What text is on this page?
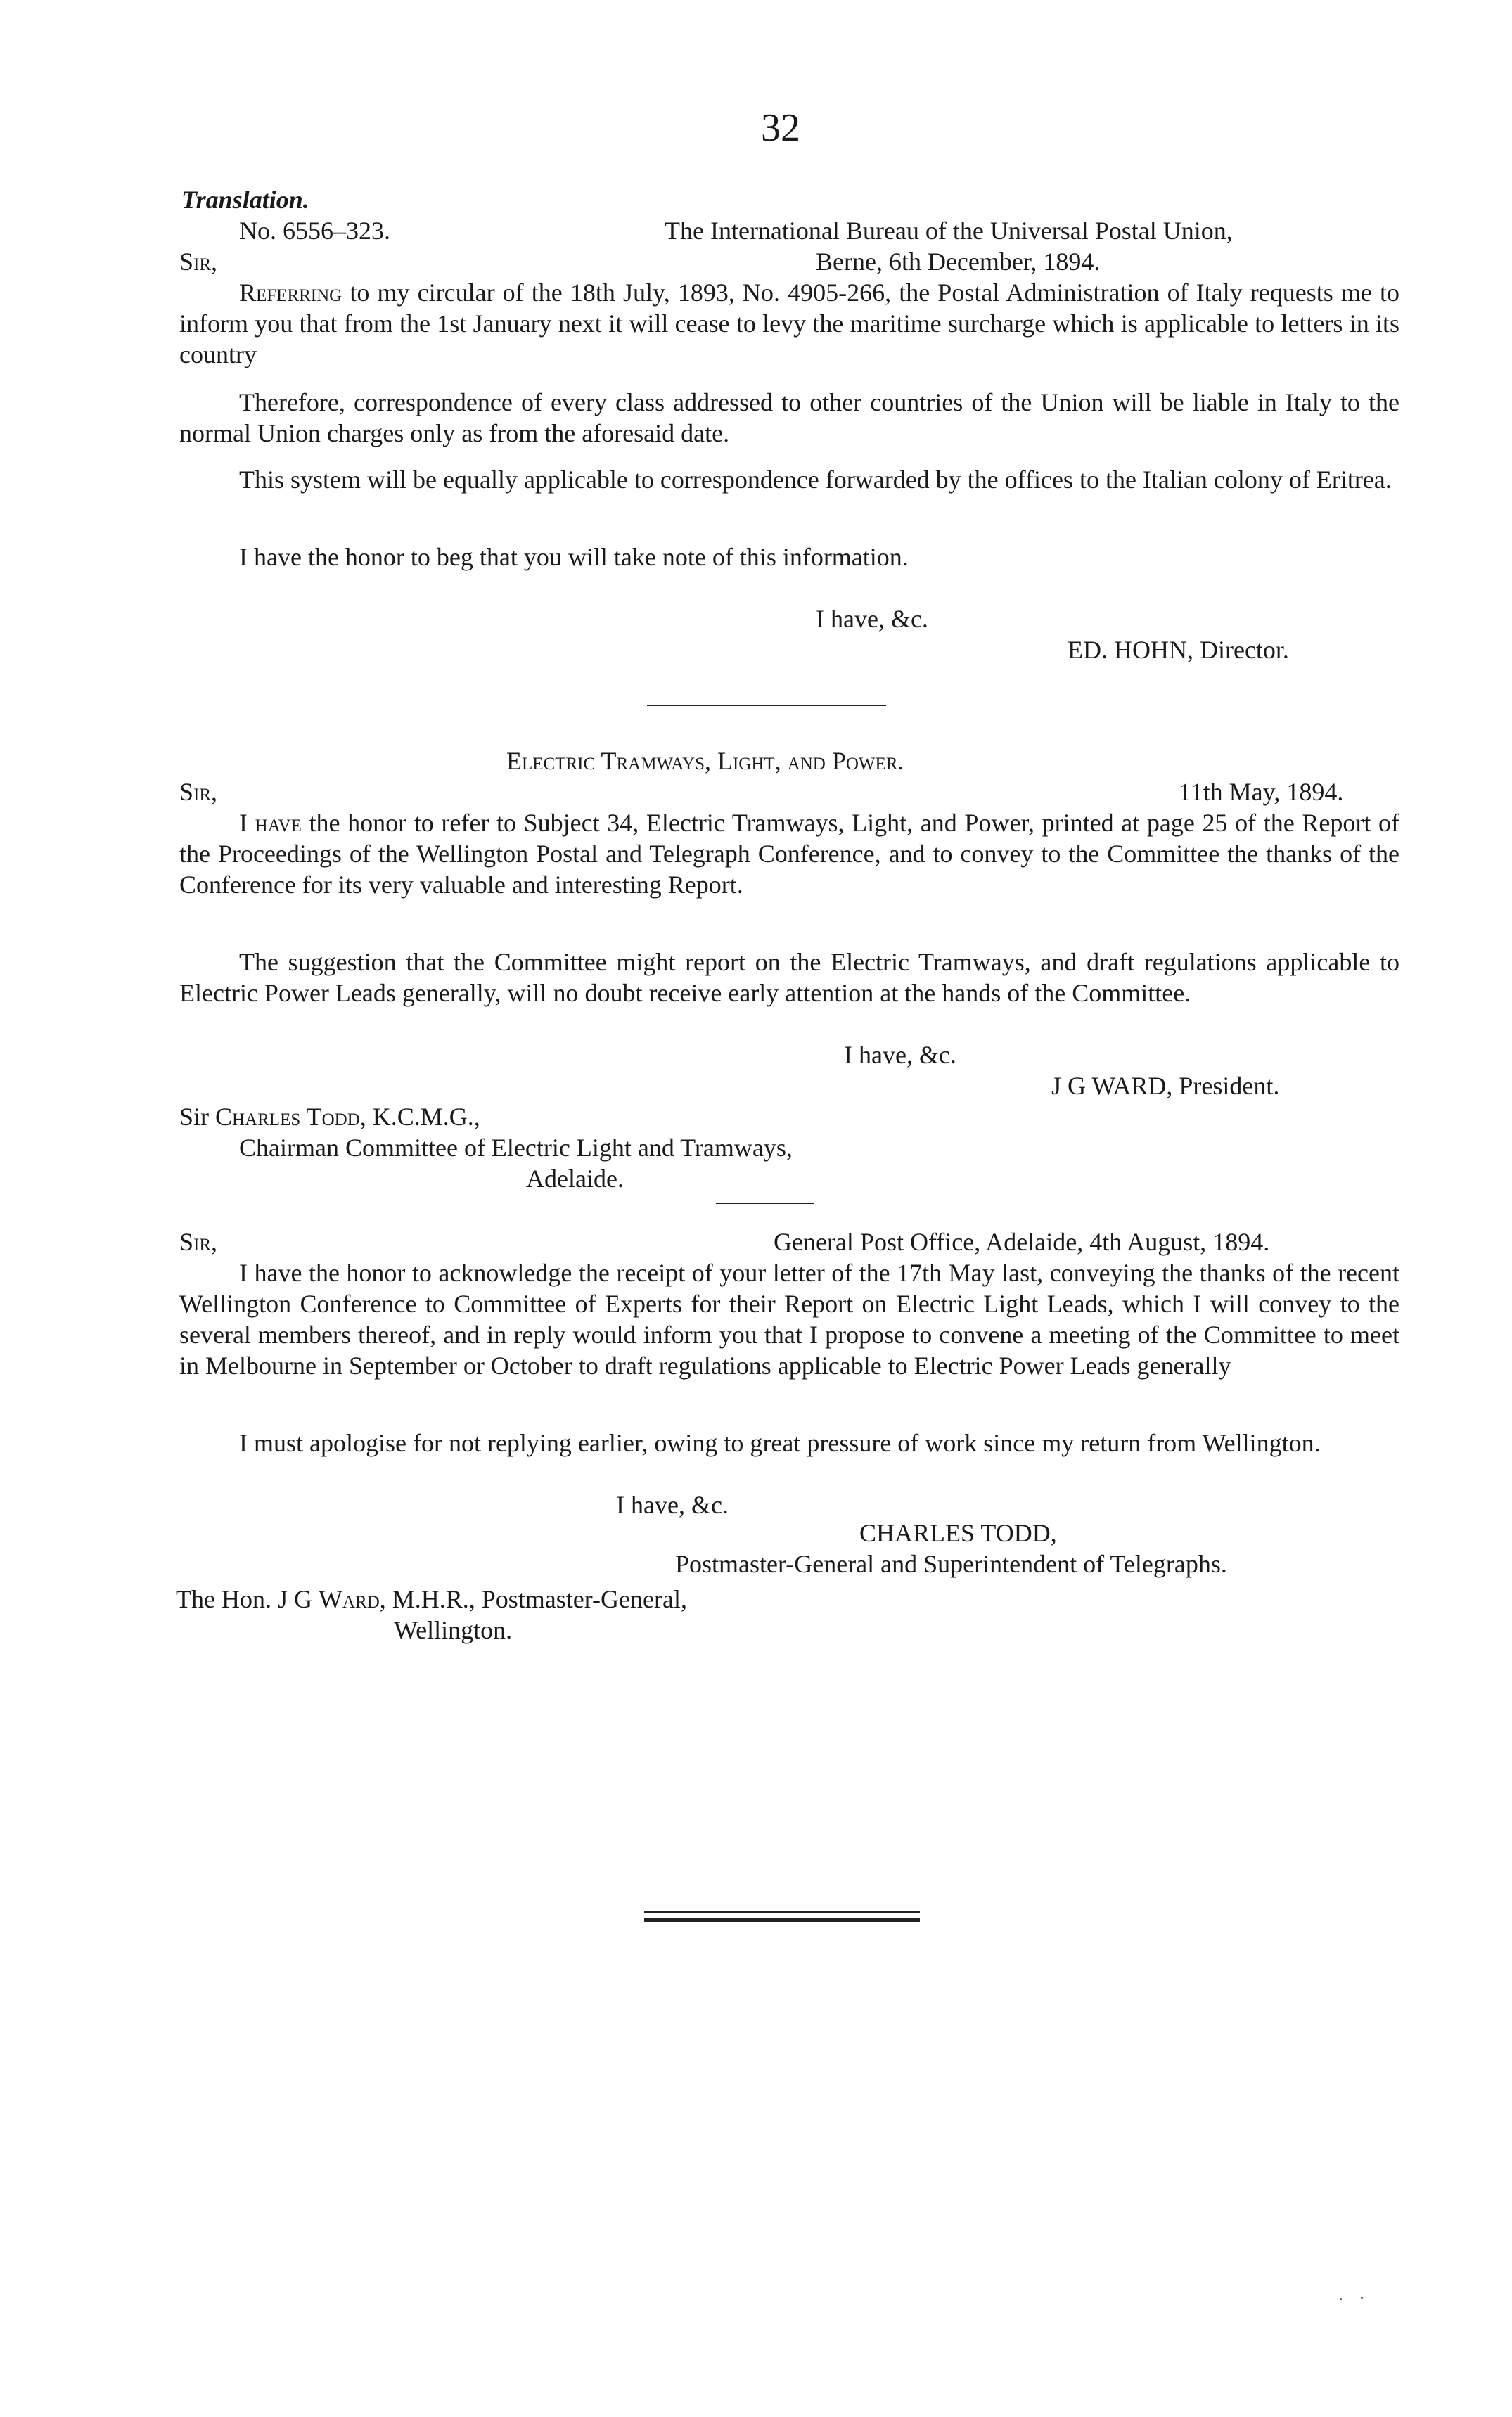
32
Translation.
No. 6556–323.	The International Bureau of the Universal Postal Union,
Sir,	Berne, 6th December, 1894.
Referring to my circular of the 18th July, 1893, No. 4905-266, the Postal Administration of Italy requests me to inform you that from the 1st January next it will cease to levy the maritime surcharge which is applicable to letters in its country
Therefore, correspondence of every class addressed to other countries of the Union will be liable in Italy to the normal Union charges only as from the aforesaid date.
This system will be equally applicable to correspondence forwarded by the offices to the Italian colony of Eritrea.
I have the honor to beg that you will take note of this information.
I have, &c.
ED. HOHN, Director.
Electric Tramways, Light, and Power.
Sir,	11th May, 1894.
I have the honor to refer to Subject 34, Electric Tramways, Light, and Power, printed at page 25 of the Report of the Proceedings of the Wellington Postal and Telegraph Conference, and to convey to the Committee the thanks of the Conference for its very valuable and interesting Report.
The suggestion that the Committee might report on the Electric Tramways, and draft regulations applicable to Electric Power Leads generally, will no doubt receive early attention at the hands of the Committee.
I have, &c.
J G WARD, President.
Sir Charles Todd, K.C.M.G.,
Chairman Committee of Electric Light and Tramways,
Adelaide.
Sir,	General Post Office, Adelaide, 4th August, 1894.
I have the honor to acknowledge the receipt of your letter of the 17th May last, conveying the thanks of the recent Wellington Conference to Committee of Experts for their Report on Electric Light Leads, which I will convey to the several members thereof, and in reply would inform you that I propose to convene a meeting of the Committee to meet in Melbourne in September or October to draft regulations applicable to Electric Power Leads generally
I must apologise for not replying earlier, owing to great pressure of work since my return from Wellington.
I have, &c.
CHARLES TODD,
Postmaster-General and Superintendent of Telegraphs.
The Hon. J G Ward, M.H.R., Postmaster-General,
Wellington.
